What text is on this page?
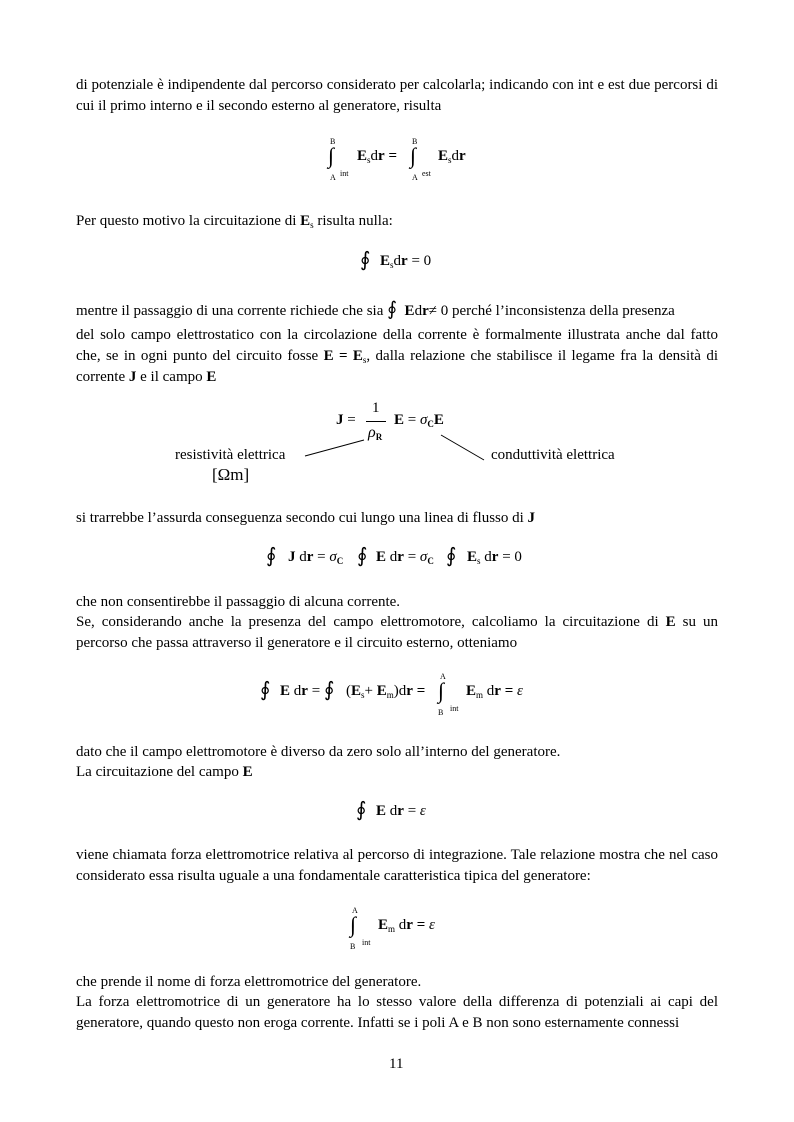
di potenziale è indipendente dal percorso considerato per calcolarla; indicando con int e est due percorsi di cui il primo interno e il secondo esterno al generatore, risulta

B
∫
A int
$E_sdr$ =
B
∫
A est
$E_sdr$

Per questo motivo la circuitazione di $E_s$ risulta nulla:

∮ $E_sdr = 0$

mentre il passaggio di una corrente richiede che sia ∮ Edr≠ 0 perché l’inconsistenza della presenza

del solo campo elettrostatico con la circolazione della corrente è formalmente illustrata anche dal fatto che, se in ogni punto del circuito fosse $E = E_s$, dalla relazione che stabilisce il legame fra la densità di corrente J e il campo E

J =
1
$\rho_R$
$E = \sigma_CE$
resistività elettrica
[Ωm]
conduttività elettrica

si trarrebbe l’assurda conseguenza secondo cui lungo una linea di flusso di J

∮ J dr = $\sigma_C$ ∮ E dr = $\sigma_C$ ∮ $E_s$ dr = 0

che non consentirebbe il passaggio di alcuna corrente.

Se, considerando anche la presenza del campo elettromotore, calcoliamo la circuitazione di E su un percorso che passa attraverso il generatore e il circuito esterno, otteniamo

∮ E dr = ∮ $(E_s+ E_m)dr$ =
A
∫
B int
$E_m$ dr = ε

dato che il campo elettromotore è diverso da zero solo all’interno del generatore.

La circuitazione del campo E

∮ E dr = ε

viene chiamata forza elettromotrice relativa al percorso di integrazione. Tale relazione mostra che nel caso considerato essa risulta uguale a una fondamentale caratteristica tipica del generatore:

A
∫
B int
$E_m$ dr = ε

che prende il nome di forza elettromotrice del generatore.

La forza elettromotrice di un generatore ha lo stesso valore della differenza di potenziali ai capi del generatore, quando questo non eroga corrente. Infatti se i poli A e B non sono esternamente connessi

11
